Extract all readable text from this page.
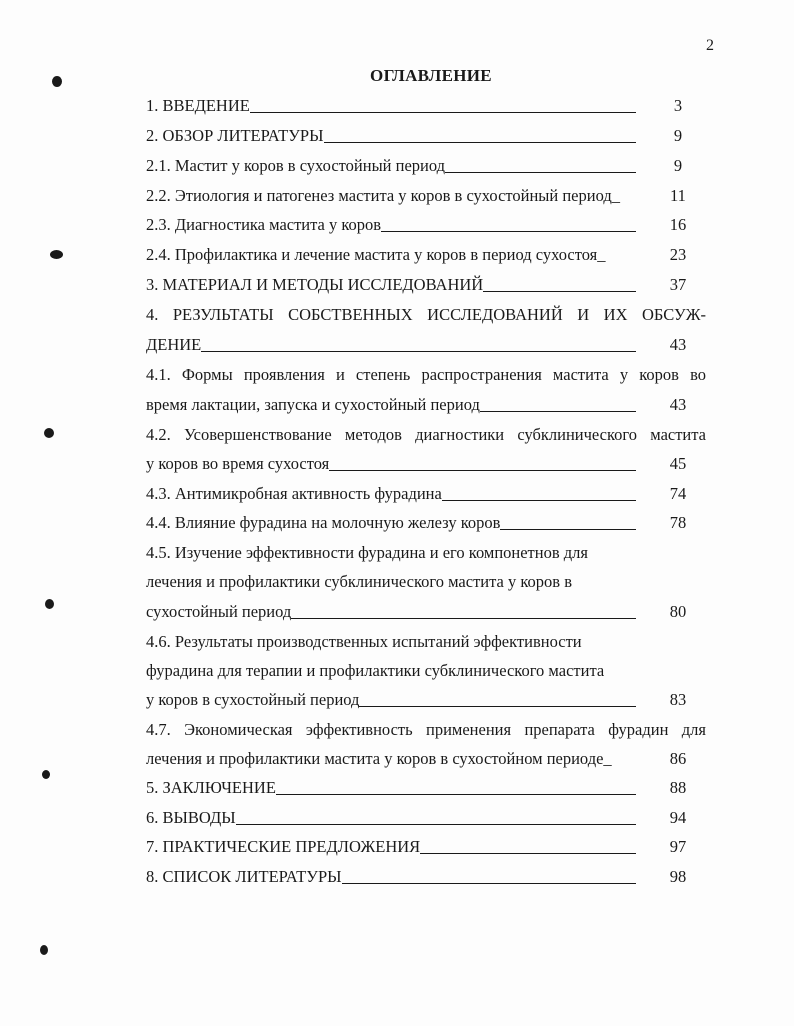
2
ОГЛАВЛЕНИЕ
1. ВВЕДЕНИЕ	3
2. ОБЗОР ЛИТЕРАТУРЫ	9
2.1. Мастит у коров в сухостойный период	9
2.2. Этиология и патогенез мастита у коров в сухостойный период_	11
2.3. Диагностика мастита у коров	16
2.4. Профилактика и лечение мастита у коров в период сухостоя_	23
3. МАТЕРИАЛ И МЕТОДЫ ИССЛЕДОВАНИЙ	37
4. РЕЗУЛЬТАТЫ СОБСТВЕННЫХ ИССЛЕДОВАНИЙ И ИХ ОБСУЖ-
ДЕНИЕ	43
4.1. Формы проявления и степень распространения мастита у коров во
время лактации, запуска и сухостойный период	43
4.2. Усовершенствование методов диагностики субклинического мастита
у коров во время сухостоя	45
4.3. Антимикробная активность фурадина	74
4.4. Влияние фурадина на молочную железу коров	78
4.5. Изучение эффективности фурадина и его компонетнов для
лечения и профилактики субклинического мастита у коров в
сухостойный период	80
4.6. Результаты производственных испытаний эффективности
фурадина для терапии и профилактики субклинического мастита
у коров в сухостойный период	83
4.7. Экономическая эффективность применения препарата фурадин для
лечения и профилактики мастита у коров в сухостойном периоде_	86
5. ЗАКЛЮЧЕНИЕ	88
6. ВЫВОДЫ	94
7. ПРАКТИЧЕСКИЕ ПРЕДЛОЖЕНИЯ	97
8. СПИСОК ЛИТЕРАТУРЫ	98
